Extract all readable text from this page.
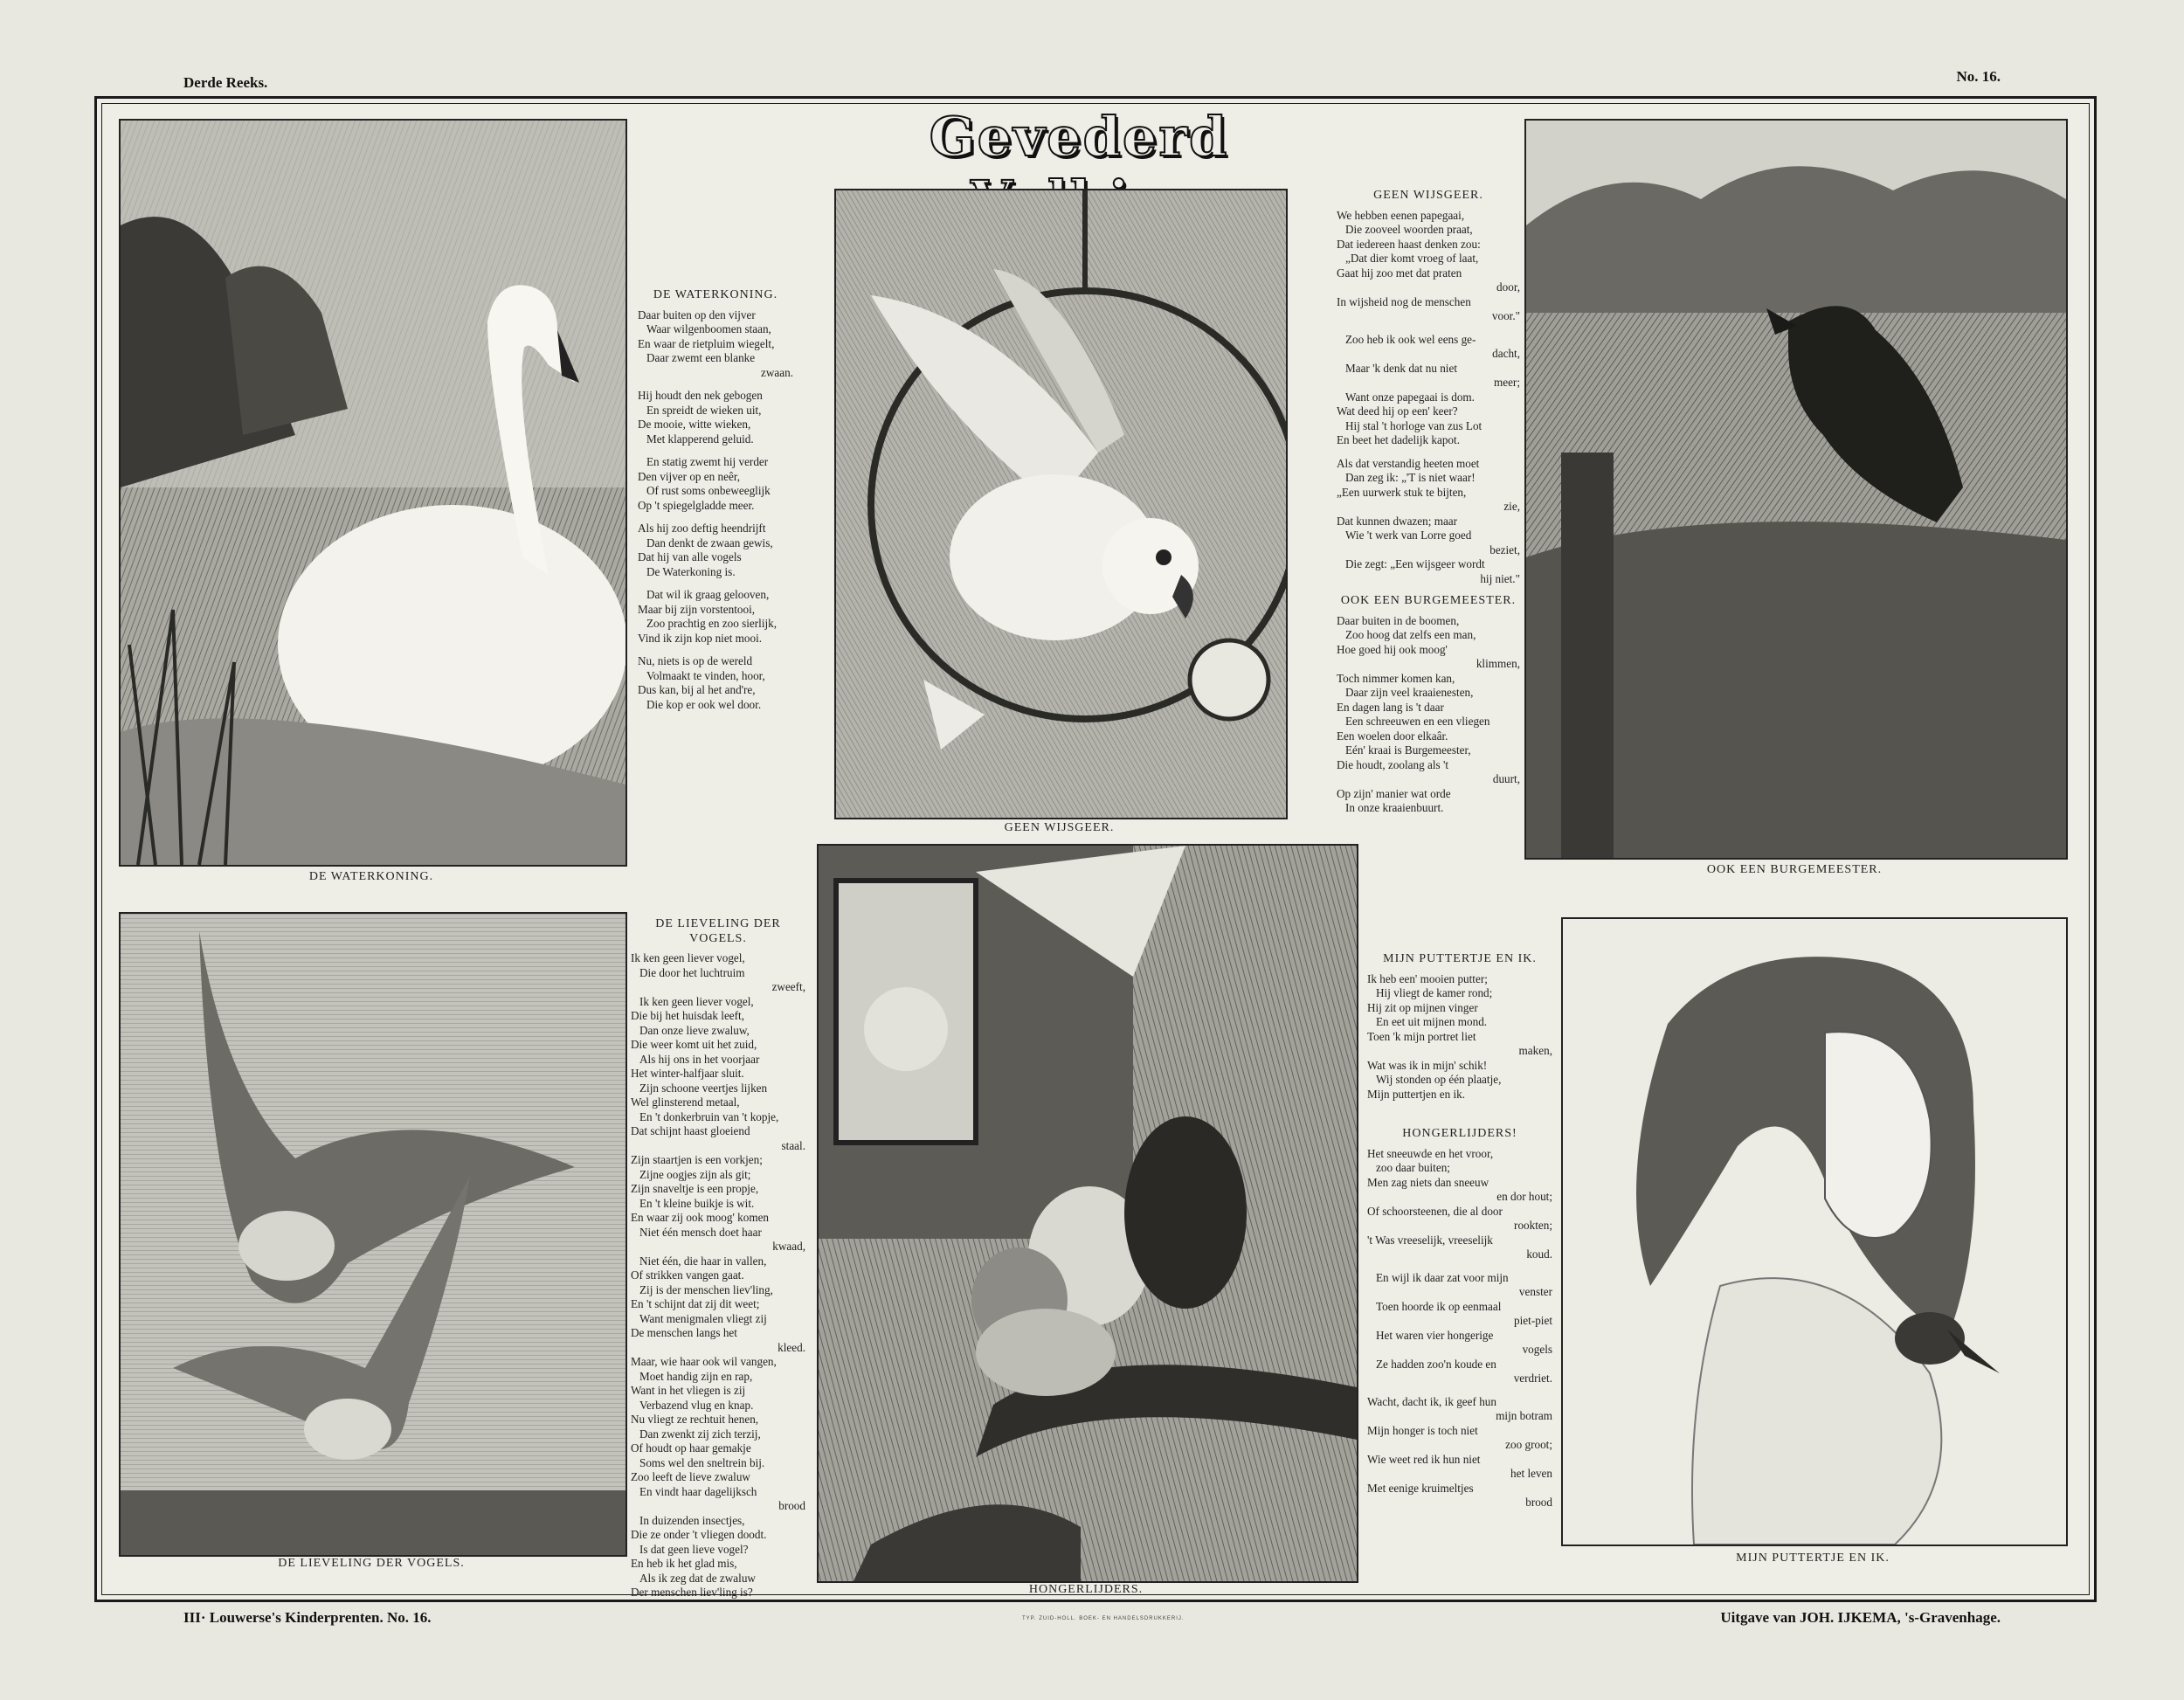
Derde Reeks.	No. 16.
Gevederd
DE WATERKONING.
DE WATERKONING.
Daar buiten op den vijver
Waar wilgenboomen staan,
En waar de rietpluim wiegelt,
Daar zwemt een blanke
zwaan.
Hij houdt den nek gebogen
En spreidt de wieken uit,
De mooie, witte wieken,
Met klapperend geluid.
En statig zwemt hij verder
Den vijver op en neêr,
Of rust soms onbeweeglijk
Op 't spiegelgladde meer.
Als hij zoo deftig heendrijft
Dan denkt de zwaan gewis,
Dat hij van alle vogels
De Waterkoning is.
Dat wil ik graag gelooven,
Maar bij zijn vorstentooi,
Zoo prachtig en zoo sierlijk,
Vind ik zijn kop niet mooi.
Nu, niets is op de wereld
Volmaakt te vinden, hoor,
Dus kan, bij al het and're,
Die kop er ook wel door.
GEEN WIJSGEER.
GEEN WIJSGEER.
We hebben eenen papegaai,
Die zooveel woorden praat,
Dat iedereen haast denken zou:
„Dat dier komt vroeg of laat,
Gaat hij zoo met dat praten
door,
In wijsheid nog de menschen
voor."
Zoo heb ik ook wel eens ge-
dacht,
Maar 'k denk dat nu niet
meer;
Want onze papegaai is dom.
Wat deed hij op een' keer?
Hij stal 't horloge van zus Lot
En beet het dadelijk kapot.
Als dat verstandig heeten moet
Dan zeg ik: „'T is niet waar!
„Een uurwerk stuk te bijten,
zie,
Dat kunnen dwazen; maar
Wie 't werk van Lorre goed
beziet,
Die zegt: „Een wijsgeer wordt
hij niet."
OOK EEN BURGEMEESTER.
Daar buiten in de boomen,
Zoo hoog dat zelfs een man,
Hoe goed hij ook moog'
klimmen,
Toch nimmer komen kan,
Daar zijn veel kraaienesten,
En dagen lang is 't daar
Een schreeuwen en een vliegen
Een woelen door elkaâr.
Eén' kraai is Burgemeester,
Die houdt, zoolang als 't
duurt,
Op zijn' manier wat orde
In onze kraaienbuurt.
OOK EEN BURGEMEESTER.
DE LIEVELING DER VOGELS.
DE LIEVELING DER VOGELS.
Ik ken geen liever vogel,
Die door het luchtruim
zweeft,
Ik ken geen liever vogel,
Die bij het huisdak leeft,
Dan onze lieve zwaluw,
Die weer komt uit het zuid,
Als hij ons in het voorjaar
Het winter-halfjaar sluit.
Zijn schoone veertjes lijken
Wel glinsterend metaal,
En 't donkerbruin van 't kopje,
Dat schijnt haast gloeiend
staal.
Zijn staartjen is een vorkjen;
Zijne oogjes zijn als git;
Zijn snaveltje is een propje,
En 't kleine buikje is wit.
En waar zij ook moog' komen
Niet één mensch doet haar
kwaad,
Niet één, die haar in vallen,
Of strikken vangen gaat.
Zij is der menschen liev'ling,
En 't schijnt dat zij dit weet;
Want menigmalen vliegt zij
De menschen langs het
kleed.
Maar, wie haar ook wil vangen,
Moet handig zijn en rap,
Want in het vliegen is zij
Verbazend vlug en knap.
Nu vliegt ze rechtuit henen,
Dan zwenkt zij zich terzij,
Of houdt op haar gemakje
Soms wel den sneltrein bij.
Zoo leeft de lieve zwaluw
En vindt haar dagelijksch
brood
In duizenden insectjes,
Die ze onder 't vliegen doodt.
Is dat geen lieve vogel?
En heb ik het glad mis,
Als ik zeg dat de zwaluw
Der menschen liev'ling is?	HONGERLIJDERS.
MIJN PUTTERTJE EN IK.
Ik heb een' mooien putter;
Hij vliegt de kamer rond;
Hij zit op mijnen vinger
En eet uit mijnen mond.
Toen 'k mijn portret liet
maken,
Wat was ik in mijn' schik!
Wij stonden op één plaatje,
Mijn puttertjen en ik.
HONGERLIJDERS!
Het sneeuwde en het vroor,
zoo daar buiten;
Men zag niets dan sneeuw
en dor hout;
Of schoorsteenen, die al door
rookten;
't Was vreeselijk, vreeselijk
koud.
En wijl ik daar zat voor mijn
venster
Toen hoorde ik op eenmaal
piet-piet
Het waren vier hongerige
vogels
Ze hadden zoo'n koude en
verdriet.
Wacht, dacht ik, ik geef hun
mijn botram
Mijn honger is toch niet
zoo groot;
Wie weet red ik hun niet
het leven
Met eenige kruimeltjes
brood
MIJN PUTTERTJE EN IK.
III· Louwerse's Kinderprenten. No. 16.	TYP. ZUID-HOLL. BOEK- EN HANDELSDRUKKERIJ.	Uitgave van JOH. IJKEMA, 's-Gravenhage.
